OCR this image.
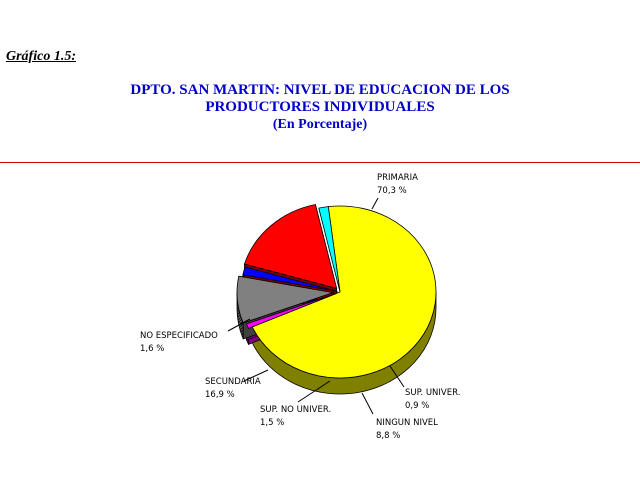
Gráfico 1.5:
DPTO. SAN MARTIN: NIVEL DE EDUCACION DE LOS
PRODUCTORES INDIVIDUALES
(En Porcentaje)
PRIMARIA
70,3 %
SUP. UNIVER.
0,9 %
NINGUN NIVEL
8,8 %
SUP. NO UNIVER.
1,5 %
SECUNDARIA
16,9 %
NO ESPECIFICADO
1,6 %
